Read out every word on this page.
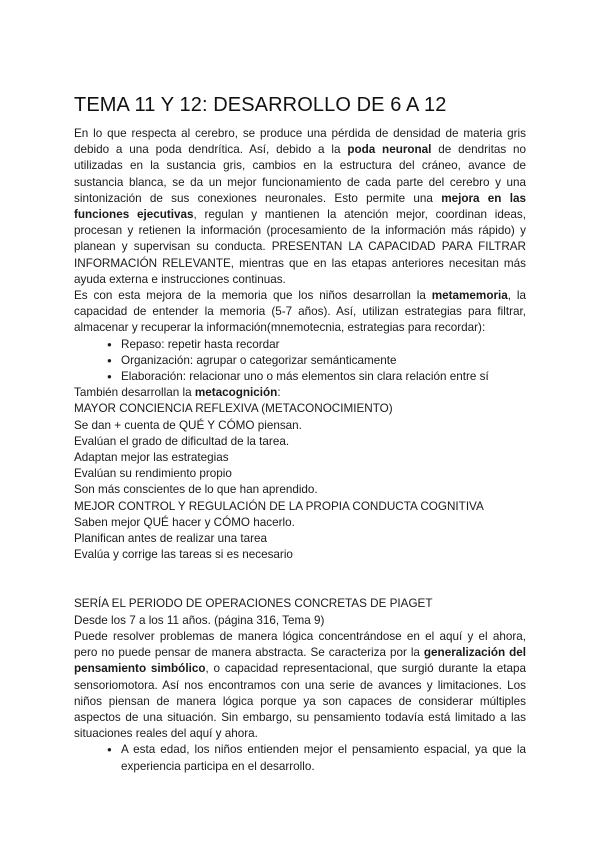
TEMA 11 Y 12: DESARROLLO DE 6 A 12

En lo que respecta al cerebro, se produce una pérdida de densidad de materia gris debido a una poda dendrítica. Así, debido a la poda neuronal de dendritas no utilizadas en la sustancia gris, cambios en la estructura del cráneo, avance de sustancia blanca, se da un mejor funcionamiento de cada parte del cerebro y una sintonización de sus conexiones neuronales. Esto permite una mejora en las funciones ejecutivas, regulan y mantienen la atención mejor, coordinan ideas, procesan y retienen la información (procesamiento de la información más rápido) y planean y supervisan su conducta. PRESENTAN LA CAPACIDAD PARA FILTRAR INFORMACIÓN RELEVANTE, mientras que en las etapas anteriores necesitan más ayuda externa e instrucciones continuas.

Es con esta mejora de la memoria que los niños desarrollan la metamemoria, la capacidad de entender la memoria (5-7 años). Así, utilizan estrategias para filtrar, almacenar y recuperar la información(mnemotecnia, estrategias para recordar):

● Repaso: repetir hasta recordar
● Organización: agrupar o categorizar semánticamente
● Elaboración: relacionar uno o más elementos sin clara relación entre sí
También desarrollan la metacognición:
MAYOR CONCIENCIA REFLEXIVA (METACONOCIMIENTO)
Se dan + cuenta de QUÉ Y CÓMO piensan.
Evalúan el grado de dificultad de la tarea.
Adaptan mejor las estrategias
Evalúan su rendimiento propio
Son más conscientes de lo que han aprendido.
MEJOR CONTROL Y REGULACIÓN DE LA PROPIA CONDUCTA COGNITIVA
Saben mejor QUÉ hacer y CÓMO hacerlo.
Planifican antes de realizar una tarea
Evalúa y corrige las tareas si es necesario
SERÍA EL PERIODO DE OPERACIONES CONCRETAS DE PIAGET
Desde los 7 a los 11 años. (página 316, Tema 9)

Puede resolver problemas de manera lógica concentrándose en el aquí y el ahora, pero no puede pensar de manera abstracta. Se caracteriza por la generalización del pensamiento simbólico, o capacidad representacional, que surgió durante la etapa sensoriomotora. Así nos encontramos con una serie de avances y limitaciones. Los niños piensan de manera lógica porque ya son capaces de considerar múltiples aspectos de una situación. Sin embargo, su pensamiento todavía está limitado a las situaciones reales del aquí y ahora.

● A esta edad, los niños entienden mejor el pensamiento espacial, ya que la experiencia participa en el desarrollo.
